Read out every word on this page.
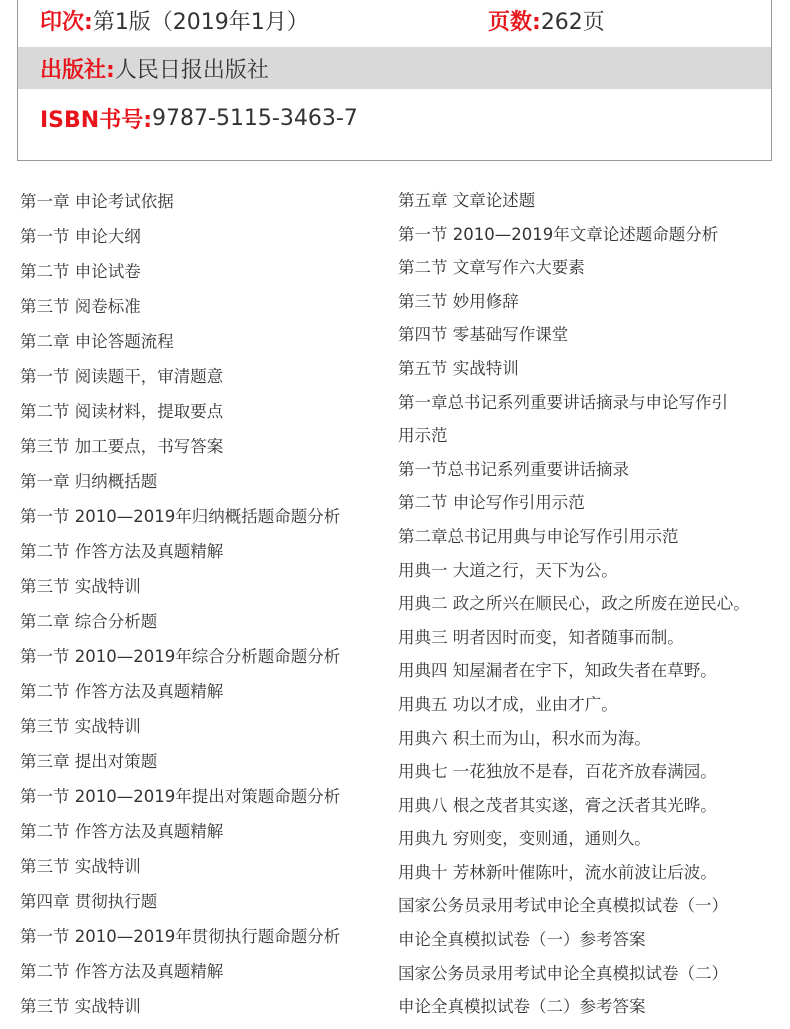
印次: 第1版（2019年1月）	页数: 262页
出版社: 人民日报出版社
ISBN书号: 9787-5115-3463-7
第一章 申论考试依据
第一节 申论大纲
第二节 申论试卷
第三节 阅卷标准
第二章 申论答题流程
第一节 阅读题干，审清题意
第二节 阅读材料，提取要点
第三节 加工要点，书写答案
第一章 归纳概括题
第一节 2010—2019年归纳概括题命题分析
第二节 作答方法及真题精解
第三节 实战特训
第二章 综合分析题
第一节 2010—2019年综合分析题命题分析
第二节 作答方法及真题精解
第三节 实战特训
第三章 提出对策题
第一节 2010—2019年提出对策题命题分析
第二节 作答方法及真题精解
第三节 实战特训
第四章 贯彻执行题
第一节 2010—2019年贯彻执行题命题分析
第二节 作答方法及真题精解
第三节 实战特训
第五章 文章论述题
第一节 2010—2019年文章论述题命题分析
第二节 文章写作六大要素
第三节 妙用修辞
第四节 零基础写作课堂
第五节 实战特训
第一章总书记系列重要讲话摘录与申论写作引
用示范
第一节总书记系列重要讲话摘录
第二节 申论写作引用示范
第二章总书记用典与申论写作引用示范
用典一 大道之行，天下为公。
用典二 政之所兴在顺民心，政之所废在逆民心。
用典三 明者因时而变，知者随事而制。
用典四 知屋漏者在宇下，知政失者在草野。
用典五 功以才成，业由才广。
用典六 积土而为山，积水而为海。
用典七 一花独放不是春，百花齐放春满园。
用典八 根之茂者其实遂，膏之沃者其光晔。
用典九 穷则变，变则通，通则久。
用典十 芳林新叶催陈叶，流水前波让后波。
国家公务员录用考试申论全真模拟试卷（一）
申论全真模拟试卷（一）参考答案
国家公务员录用考试申论全真模拟试卷（二）
申论全真模拟试卷（二）参考答案
